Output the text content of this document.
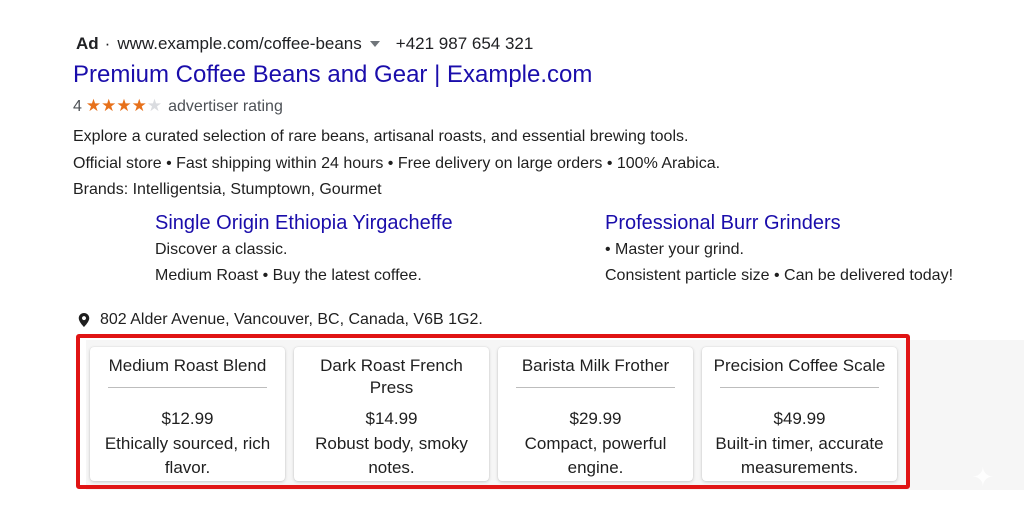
Ad · www.example.com/coffee-beans +421 987 654 321
Premium Coffee Beans and Gear | Example.com
4 ★★★★★ advertiser rating
Explore a curated selection of rare beans, artisanal roasts, and essential brewing tools.
Official store • Fast shipping within 24 hours • Free delivery on large orders • 100% Arabica.
Brands: Intelligentsia, Stumptown, Gourmet
Single Origin Ethiopia Yirgacheffe
Discover a classic.
Medium Roast • Buy the latest coffee.
Professional Burr Grinders
• Master your grind.
Consistent particle size • Can be delivered today!
802 Alder Avenue, Vancouver, BC, Canada, V6B 1G2.
Medium Roast Blend
$12.99
Ethically sourced, rich
flavor.
Dark Roast French
Press
$14.99
Robust body, smoky
notes.
Barista Milk Frother
$29.99
Compact, powerful
engine.
Precision Coffee Scale
$49.99
Built-in timer, accurate
measurements.	✦
